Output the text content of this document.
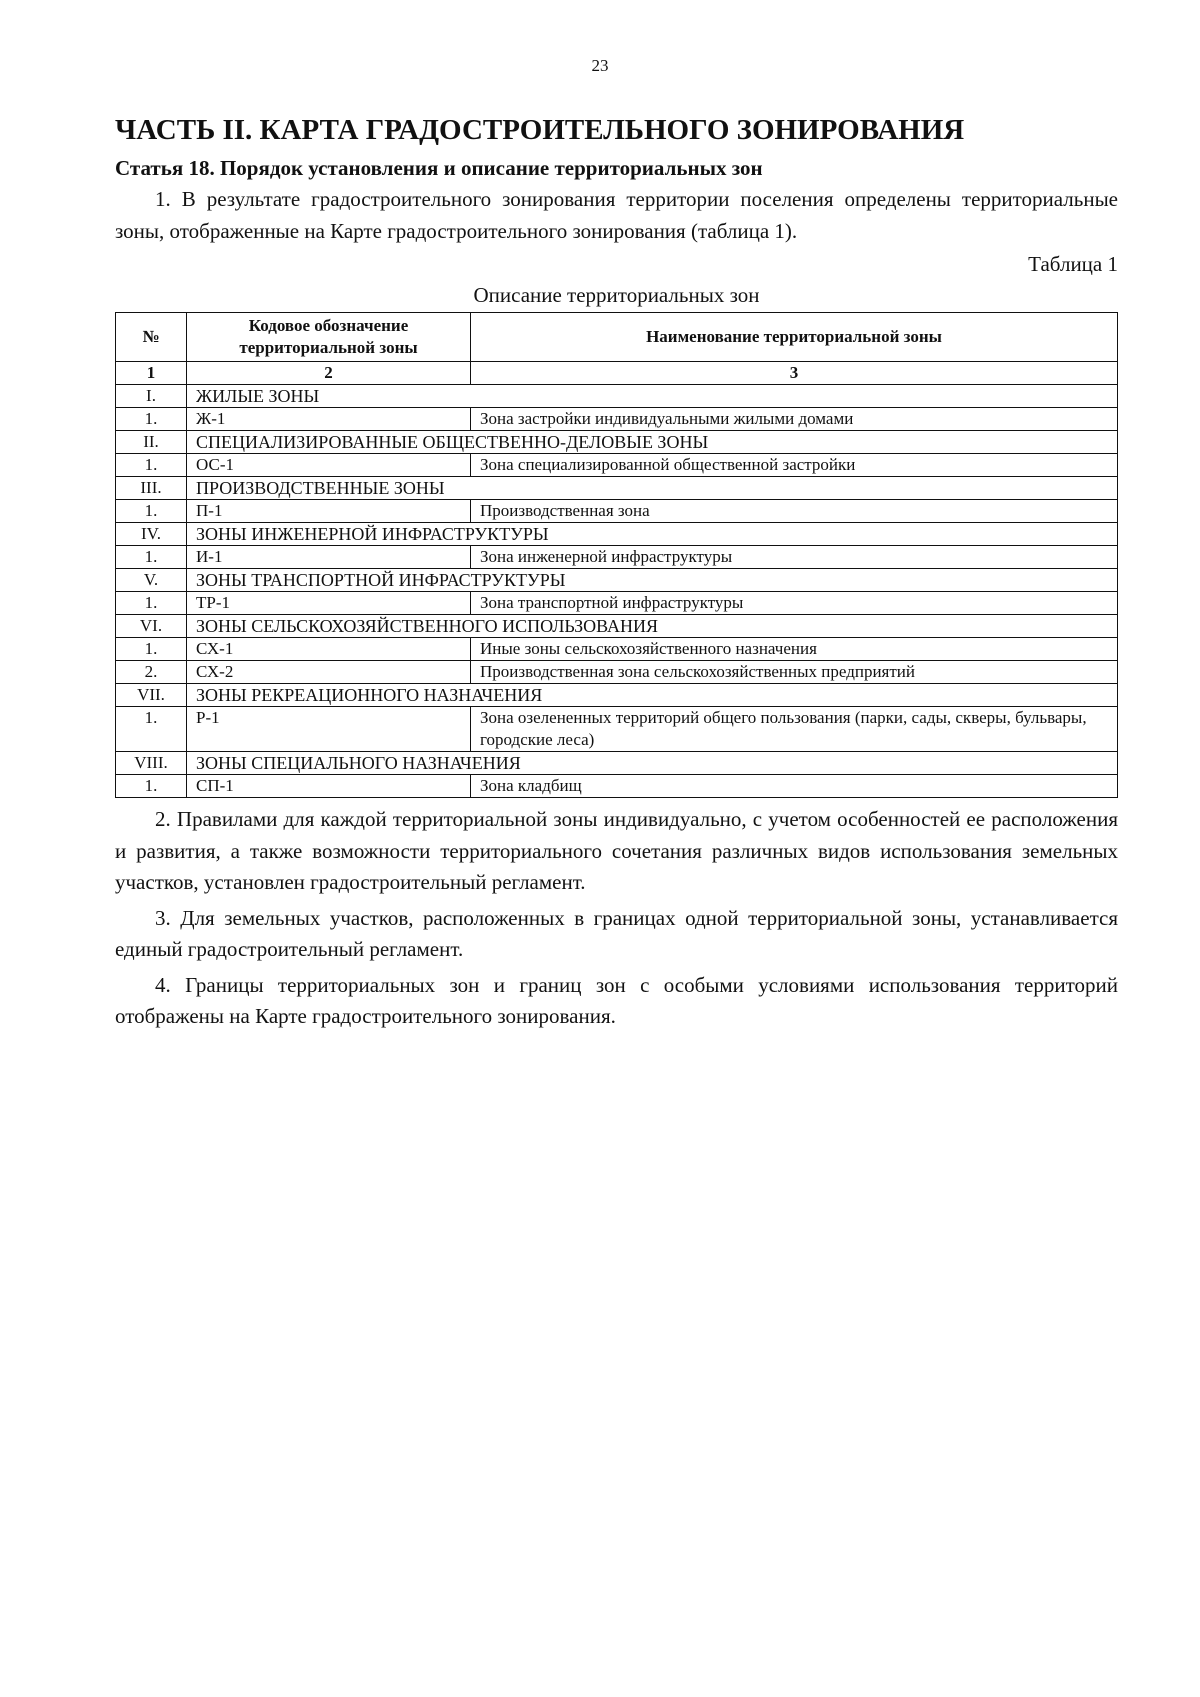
23
ЧАСТЬ II. КАРТА ГРАДОСТРОИТЕЛЬНОГО ЗОНИРОВАНИЯ
Статья 18. Порядок установления и описание территориальных зон

1. В результате градостроительного зонирования территории поселения определены территориальные зоны, отображенные на Карте градостроительного зонирования (таблица 1).

Таблица 1

Описание территориальных зон

№	Кодовое обозначение территориальной зоны	Наименование территориальной зоны
1	2	3
I.	ЖИЛЫЕ ЗОНЫ	
1.	Ж-1	Зона застройки индивидуальными жилыми домами
II.	СПЕЦИАЛИЗИРОВАННЫЕ ОБЩЕСТВЕННО-ДЕЛОВЫЕ ЗОНЫ	
1.	ОС-1	Зона специализированной общественной застройки
III.	ПРОИЗВОДСТВЕННЫЕ ЗОНЫ	
1.	П-1	Производственная зона
IV.	ЗОНЫ ИНЖЕНЕРНОЙ ИНФРАСТРУКТУРЫ	
1.	И-1	Зона инженерной инфраструктуры
V.	ЗОНЫ ТРАНСПОРТНОЙ ИНФРАСТРУКТУРЫ	
1.	ТР-1	Зона транспортной инфраструктуры
VI.	ЗОНЫ СЕЛЬСКОХОЗЯЙСТВЕННОГО ИСПОЛЬЗОВАНИЯ	
1.	СХ-1	Иные зоны сельскохозяйственного назначения
2.	СХ-2	Производственная зона сельскохозяйственных предприятий
VII.	ЗОНЫ РЕКРЕАЦИОННОГО НАЗНАЧЕНИЯ	
1.	Р-1	Зона озелененных территорий общего пользования (парки, сады, скверы, бульвары, городские леса)
VIII.	ЗОНЫ СПЕЦИАЛЬНОГО НАЗНАЧЕНИЯ	
1.	СП-1	Зона кладбищ

2. Правилами для каждой территориальной зоны индивидуально, с учетом особенностей ее расположения и развития, а также возможности территориального сочетания различных видов использования земельных участков, установлен градостроительный регламент.

3. Для земельных участков, расположенных в границах одной территориальной зоны, устанавливается единый градостроительный регламент.

4. Границы территориальных зон и границ зон с особыми условиями использования территорий отображены на Карте градостроительного зонирования.
